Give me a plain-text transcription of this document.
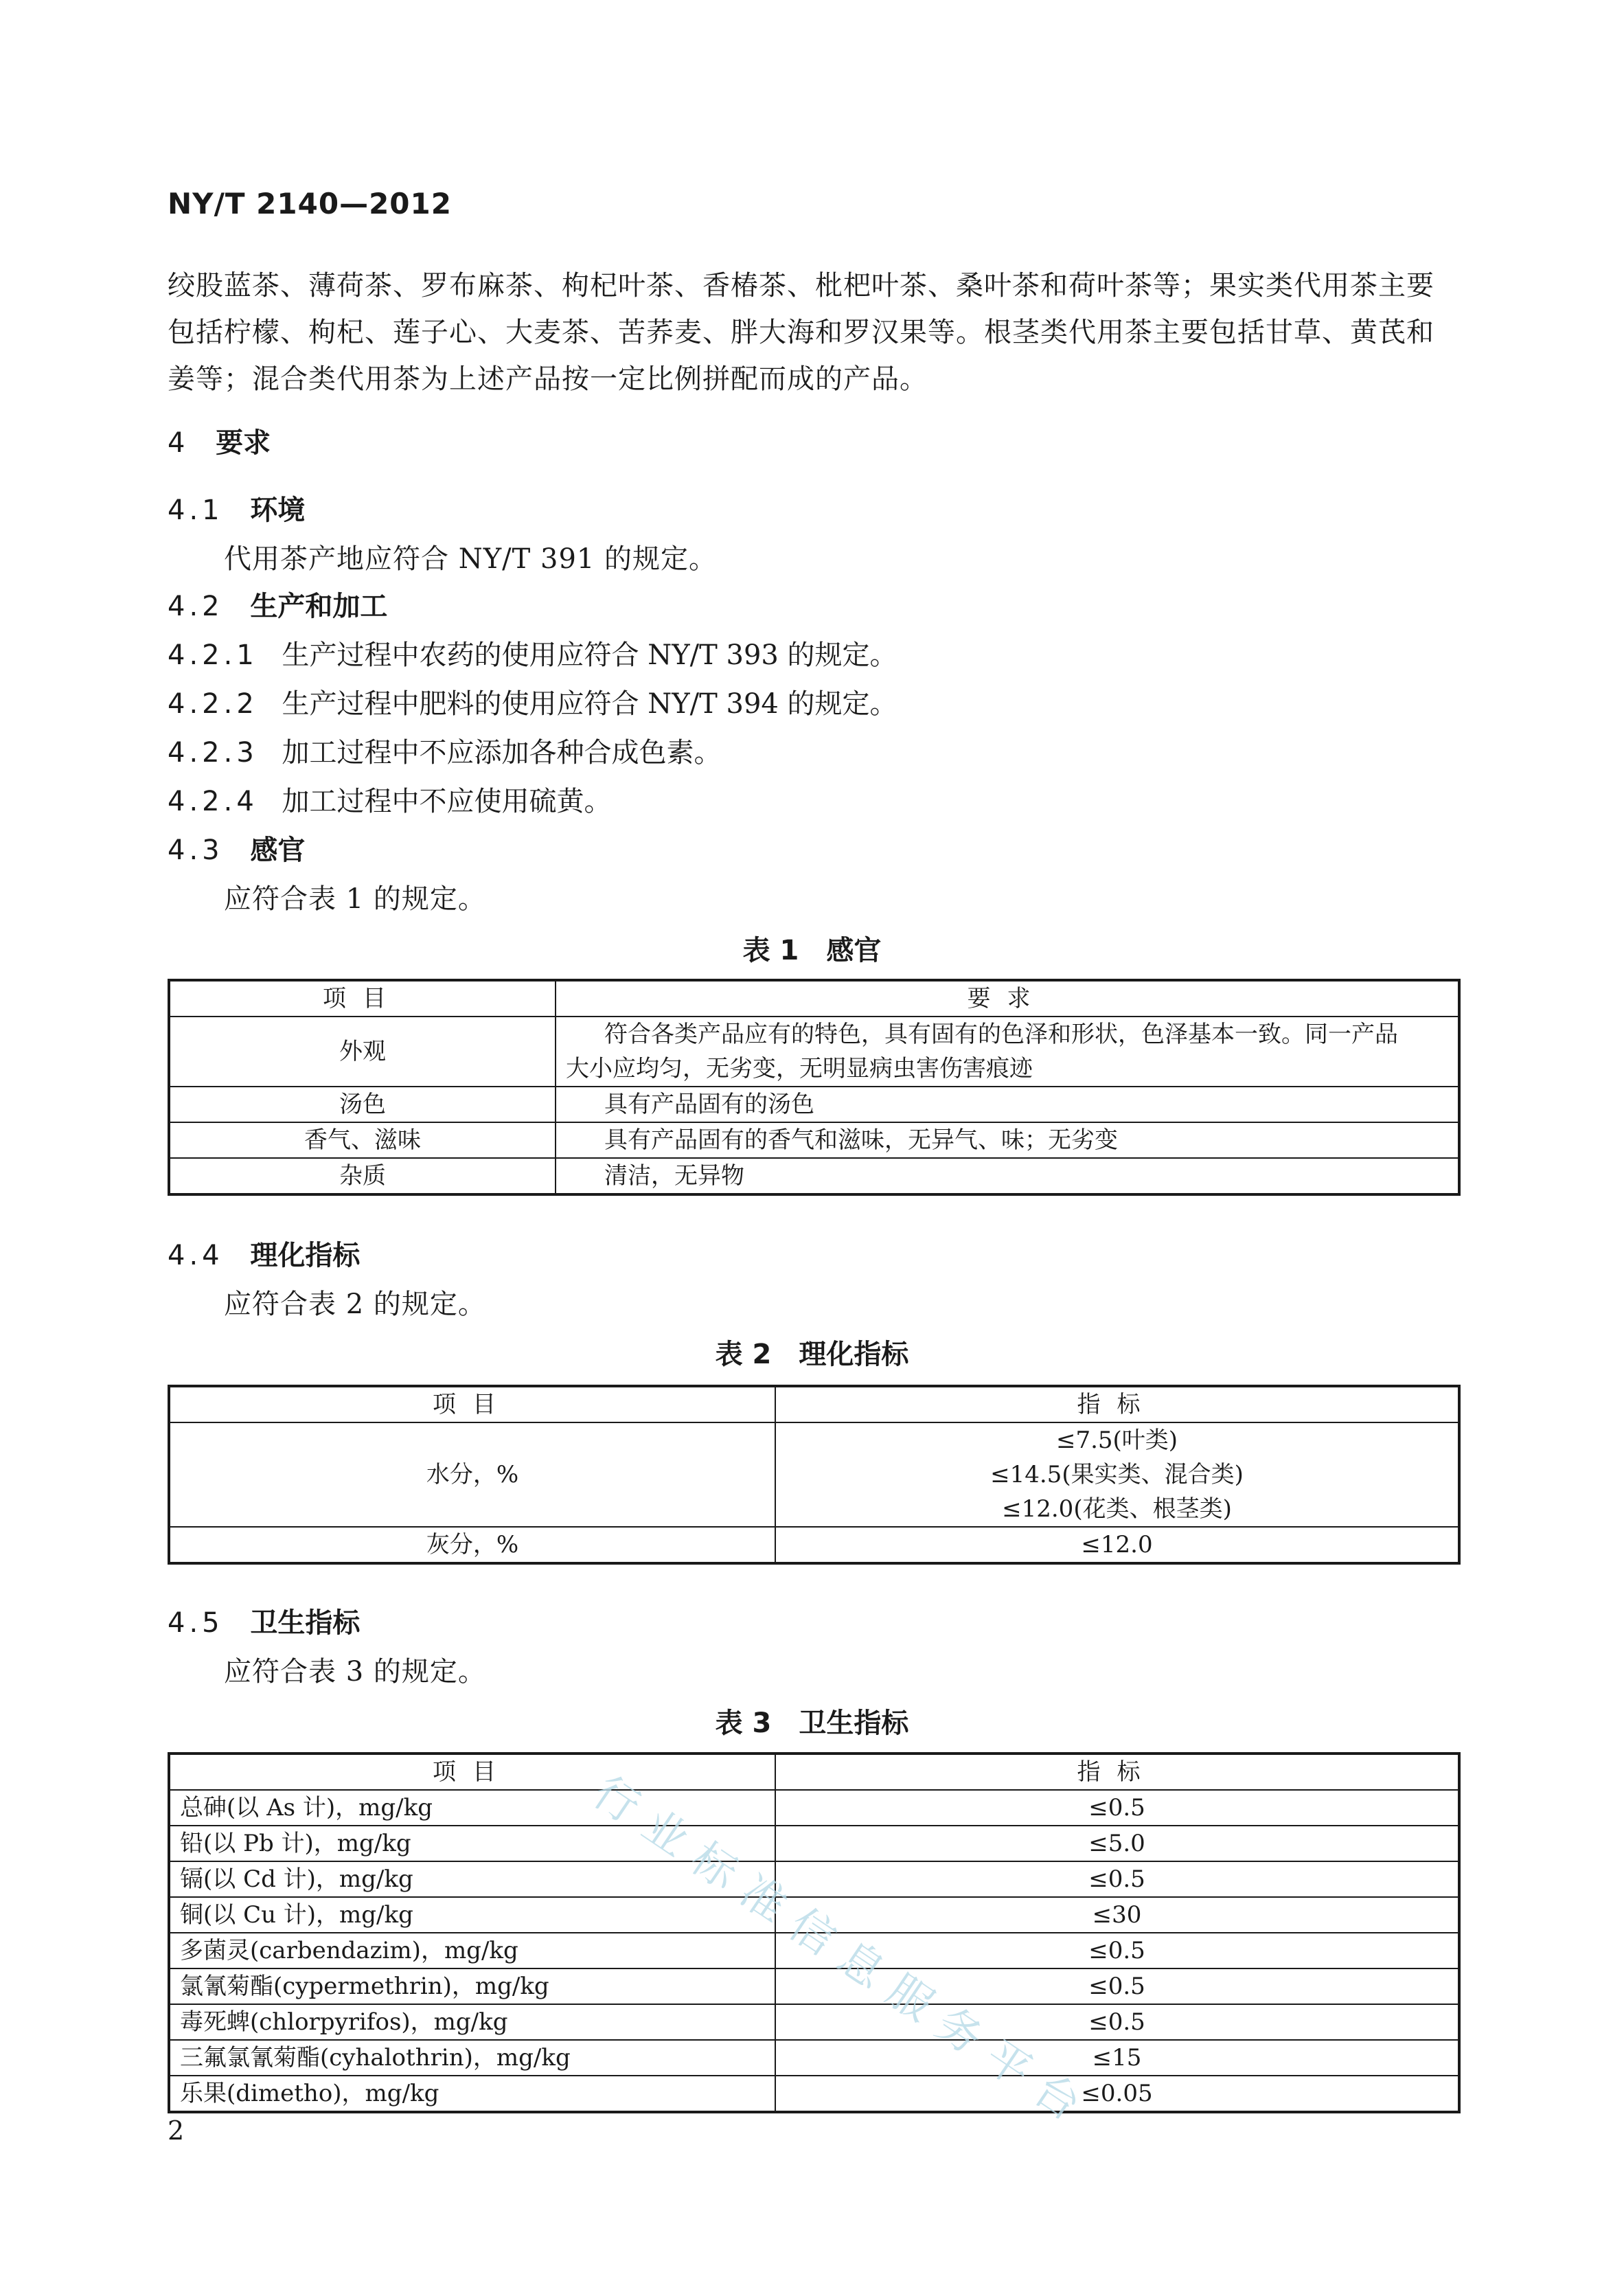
NY/T 2140—2012
绞股蓝茶、薄荷茶、罗布麻茶、枸杞叶茶、香椿茶、枇杷叶茶、桑叶茶和荷叶茶等；果实类代用茶主要包括柠檬、枸杞、莲子心、大麦茶、苦荞麦、胖大海和罗汉果等。根茎类代用茶主要包括甘草、黄芪和姜等；混合类代用茶为上述产品按一定比例拼配而成的产品。
4 要求
4.1 环境
代用茶产地应符合 NY/T 391 的规定。
4.2 生产和加工
4.2.1 生产过程中农药的使用应符合 NY/T 393 的规定。
4.2.2 生产过程中肥料的使用应符合 NY/T 394 的规定。
4.2.3 加工过程中不应添加各种合成色素。
4.2.4 加工过程中不应使用硫黄。
4.3 感官
应符合表 1 的规定。
表 1　感官
项目	要求
外观	符合各类产品应有的特色，具有固有的色泽和形状，色泽基本一致。同一产品
大小应均匀，无劣变，无明显病虫害伤害痕迹

汤色	具有产品固有的汤色
香气、滋味	具有产品固有的香气和滋味，无异气、味；无劣变
杂质	清洁，无异物
4.4 理化指标
应符合表 2 的规定。
表 2　理化指标
项目	指标
水分，%	≤7.5(叶类)
≤14.5(果实类、混合类)
≤12.0(花类、根茎类)

灰分，%	≤12.0
4.5 卫生指标
应符合表 3 的规定。
表 3　卫生指标
项目	指标
总砷(以 As 计)，mg/kg	≤0.5
铅(以 Pb 计)，mg/kg	≤5.0
镉(以 Cd 计)，mg/kg	≤0.5
铜(以 Cu 计)，mg/kg	≤30
多菌灵(carbendazim)，mg/kg	≤0.5
氯氰菊酯(cypermethrin)，mg/kg	≤0.5
毒死蜱(chlorpyrifos)，mg/kg	≤0.5
三氟氯氰菊酯(cyhalothrin)，mg/kg	≤15
乐果(dimetho)，mg/kg	≤0.05
行业标准信息服务平台
2
